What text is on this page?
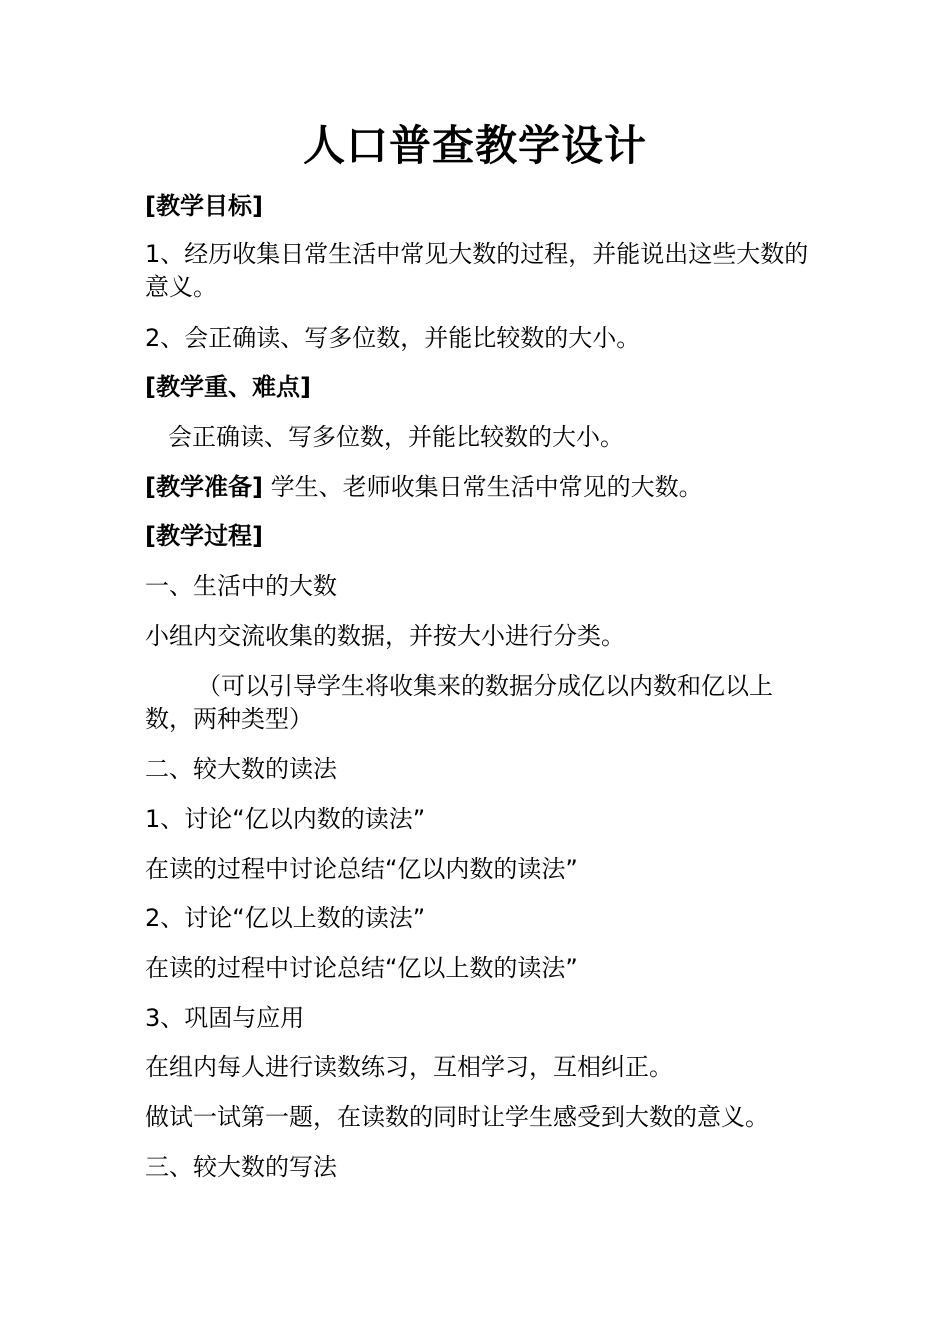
人口普查教学设计
[教学目标]
1、经历收集日常生活中常见大数的过程，并能说出这些大数的意义。
2、会正确读、写多位数，并能比较数的大小。
[教学重、难点]
会正确读、写多位数，并能比较数的大小。
[教学准备] 学生、老师收集日常生活中常见的大数。
[教学过程]
一、生活中的大数
小组内交流收集的数据，并按大小进行分类。
（可以引导学生将收集来的数据分成亿以内数和亿以上数，两种类型）
二、较大数的读法
1、讨论“亿以内数的读法”
在读的过程中讨论总结“亿以内数的读法”
2、讨论“亿以上数的读法”
在读的过程中讨论总结“亿以上数的读法”
3、巩固与应用
在组内每人进行读数练习，互相学习，互相纠正。
做试一试第一题，在读数的同时让学生感受到大数的意义。
三、较大数的写法
